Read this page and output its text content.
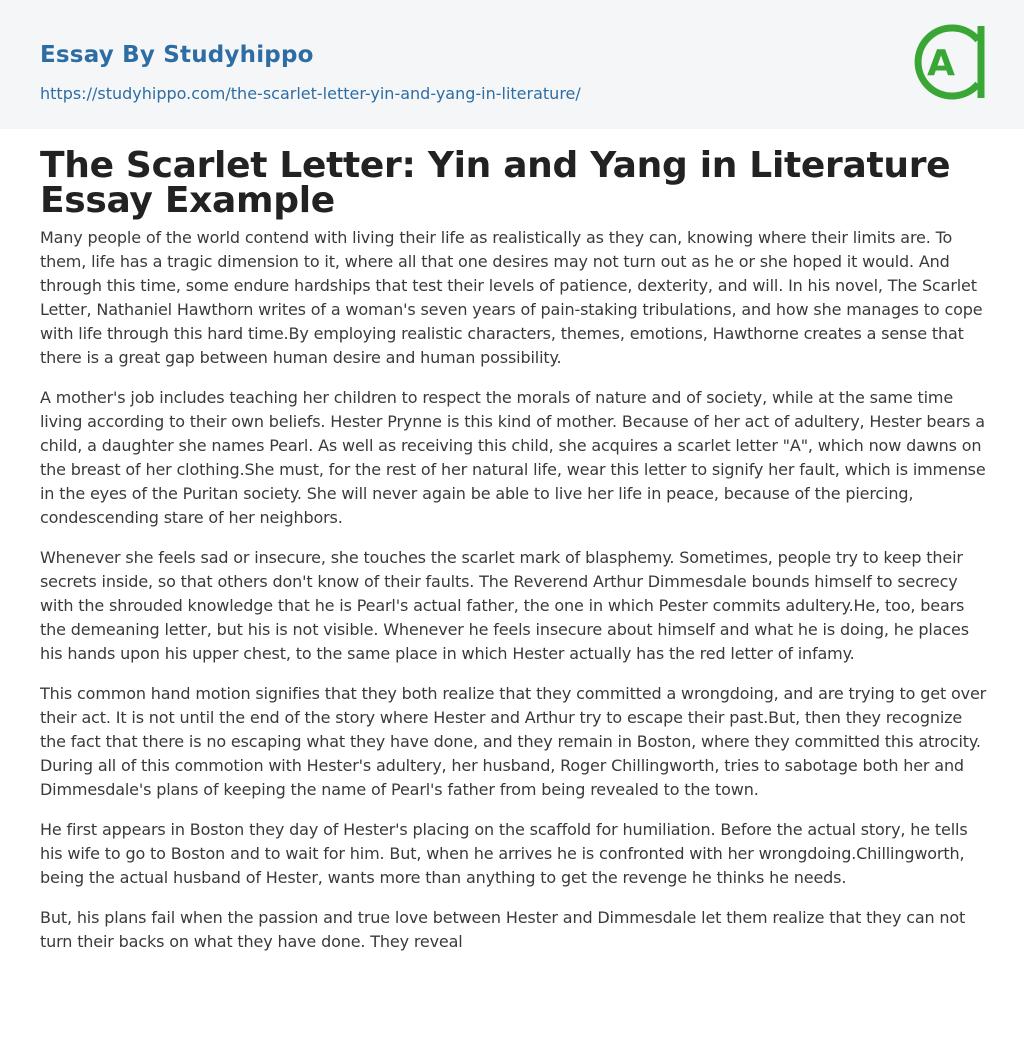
Essay By Studyhippo
https://studyhippo.com/the-scarlet-letter-yin-and-yang-in-literature/
A
The Scarlet Letter: Yin and Yang in Literature Essay Example

Many people of the world contend with living their life as realistically as they can, knowing where their limits are. To them, life has a tragic dimension to it, where all that one desires may not turn out as he or she hoped it would. And through this time, some endure hardships that test their levels of patience, dexterity, and will. In his novel, The Scarlet Letter, Nathaniel Hawthorn writes of a woman's seven years of pain-staking tribulations, and how she manages to cope with life through this hard time.By employing realistic characters, themes, emotions, Hawthorne creates a sense that there is a great gap between human desire and human possibility.

A mother's job includes teaching her children to respect the morals of nature and of society, while at the same time living according to their own beliefs. Hester Prynne is this kind of mother. Because of her act of adultery, Hester bears a child, a daughter she names Pearl. As well as receiving this child, she acquires a scarlet letter "A", which now dawns on the breast of her clothing.She must, for the rest of her natural life, wear this letter to signify her fault, which is immense in the eyes of the Puritan society. She will never again be able to live her life in peace, because of the piercing, condescending stare of her neighbors.

Whenever she feels sad or insecure, she touches the scarlet mark of blasphemy. Sometimes, people try to keep their secrets inside, so that others don't know of their faults. The Reverend Arthur Dimmesdale bounds himself to secrecy with the shrouded knowledge that he is Pearl's actual father, the one in which Pester commits adultery.He, too, bears the demeaning letter, but his is not visible. Whenever he feels insecure about himself and what he is doing, he places his hands upon his upper chest, to the same place in which Hester actually has the red letter of infamy.

This common hand motion signifies that they both realize that they committed a wrongdoing, and are trying to get over their act. It is not until the end of the story where Hester and Arthur try to escape their past.But, then they recognize the fact that there is no escaping what they have done, and they remain in Boston, where they committed this atrocity. During all of this commotion with Hester's adultery, her husband, Roger Chillingworth, tries to sabotage both her and Dimmesdale's plans of keeping the name of Pearl's father from being revealed to the town.

He first appears in Boston they day of Hester's placing on the scaffold for humiliation. Before the actual story, he tells his wife to go to Boston and to wait for him. But, when he arrives he is confronted with her wrongdoing.Chillingworth, being the actual husband of Hester, wants more than anything to get the revenge he thinks he needs.

But, his plans fail when the passion and true love between Hester and Dimmesdale let them realize that they can not turn their backs on what they have done. They reveal
